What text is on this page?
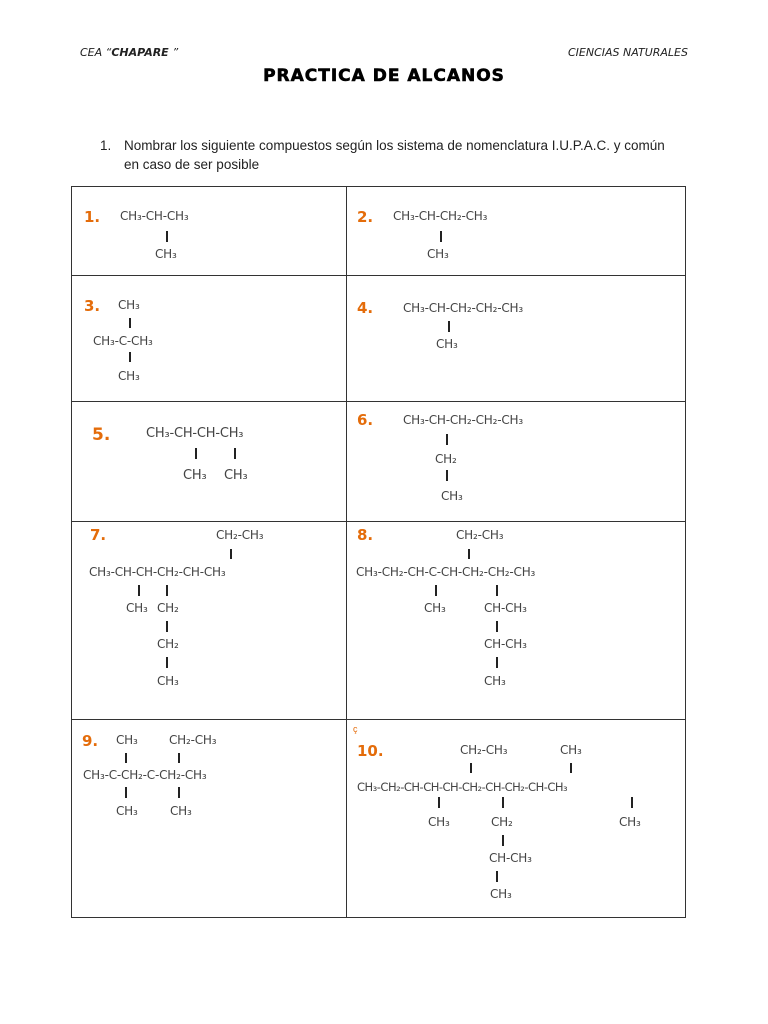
CEA “CHAPARE ”	CIENCIAS NATURALES
PRACTICA DE ALCANOS
1. Nombrar los siguiente compuestos según los sistema de nomenclatura I.U.P.A.C. y común
en caso de ser posible
1. CH₃-CH-CH₃
CH₃
2. CH₃-CH-CH₂-CH₃
CH₃
3. CH₃
CH₃-C-CH₃
CH₃
4. CH₃-CH-CH₂-CH₂-CH₃
CH₃
5.	CH₃-CH-CH-CH₃
CH₃ CH₃
6. CH₃-CH-CH₂-CH₂-CH₃
CH₂
CH₃
7.	CH₂-CH₃
CH₃-CH-CH-CH₂-CH-CH₃
CH₃ CH₂
CH₂
CH₃
8.	CH₂-CH₃
CH₃-CH₂-CH-C-CH-CH₂-CH₂-CH₃
CH₃	CH-CH₃
CH-CH₃
CH₃
9. CH₃	CH₂-CH₃
CH₃-C-CH₂-C-CH₂-CH₃
CH₃	CH₃
ç
10.	CH₂-CH₃	CH₃
CH₃-CH₂-CH-CH-CH-CH₂-CH-CH₂-CH-CH₃
CH₃	CH₂	CH₃
CH-CH₃
CH₃
